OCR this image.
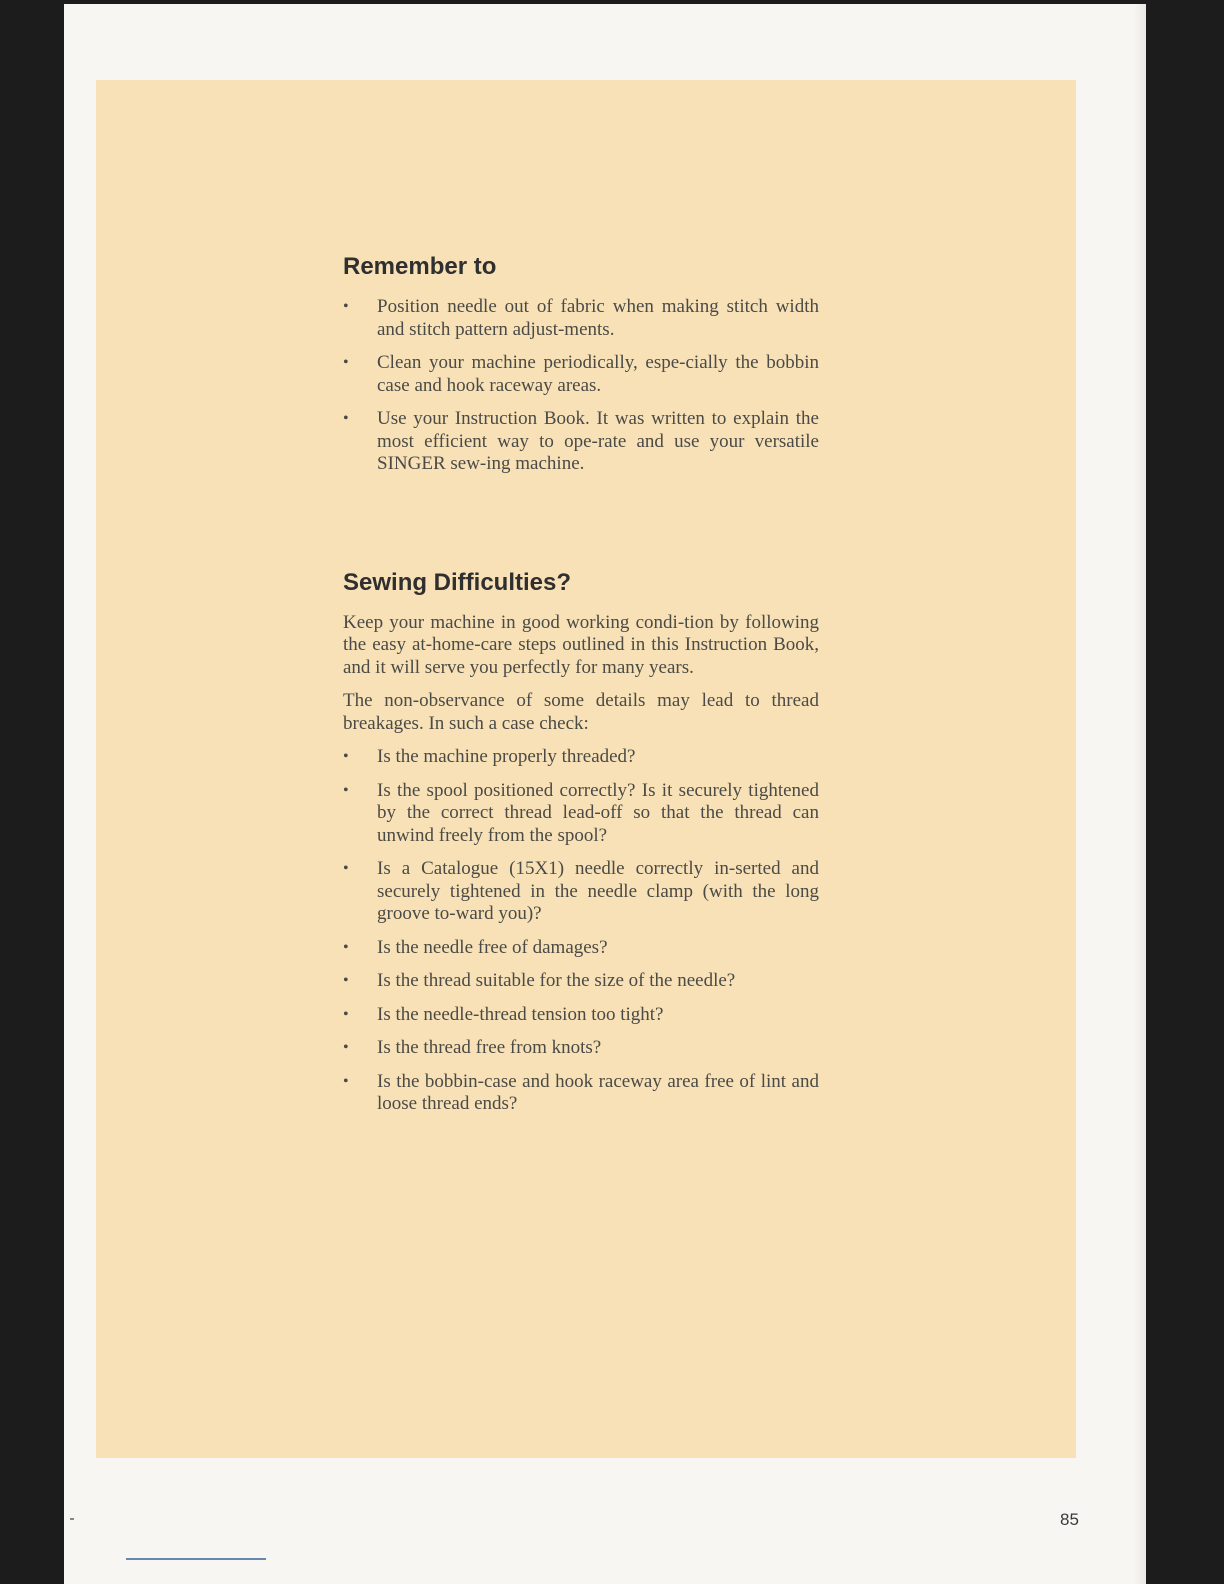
Remember to
•	Position needle out of fabric when making stitch width and stitch pattern adjust-ments.
•	Clean your machine periodically, espe-cially the bobbin case and hook raceway areas.
•	Use your Instruction Book. It was written to explain the most efficient way to ope-rate and use your versatile SINGER sew-ing machine.
Sewing Difficulties?

Keep your machine in good working condi-tion by following the easy at-home-care steps outlined in this Instruction Book, and it will serve you perfectly for many years.

The non-observance of some details may lead to thread breakages. In such a case check:

•	Is the machine properly threaded?
•	Is the spool positioned correctly? Is it securely tightened by the correct thread lead-off so that the thread can unwind freely from the spool?
•	Is a Catalogue (15X1) needle correctly in-serted and securely tightened in the needle clamp (with the long groove to-ward you)?
•	Is the needle free of damages?
•	Is the thread suitable for the size of the needle?
•	Is the needle-thread tension too tight?
•	Is the thread free from knots?
•	Is the bobbin-case and hook raceway area free of lint and loose thread ends?
85
